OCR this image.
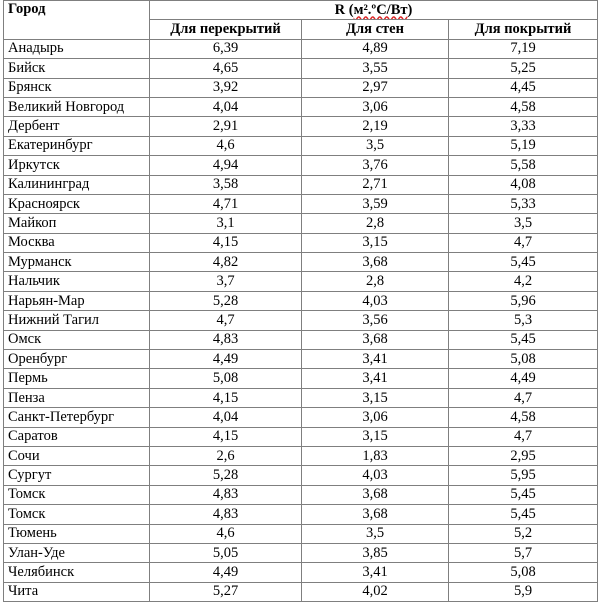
Город	R (м².ºС/Вт)		
	Для перекрытий	Для стен	Для покрытий
Анадырь	6,39	4,89	7,19
Бийск	4,65	3,55	5,25
Брянск	3,92	2,97	4,45
Великий Новгород	4,04	3,06	4,58
Дербент	2,91	2,19	3,33
Екатеринбург	4,6	3,5	5,19
Иркутск	4,94	3,76	5,58
Калининград	3,58	2,71	4,08
Красноярск	4,71	3,59	5,33
Майкоп	3,1	2,8	3,5
Москва	4,15	3,15	4,7
Мурманск	4,82	3,68	5,45
Нальчик	3,7	2,8	4,2
Нарьян-Мар	5,28	4,03	5,96
Нижний Тагил	4,7	3,56	5,3
Омск	4,83	3,68	5,45
Оренбург	4,49	3,41	5,08
Пермь	5,08	3,41	4,49
Пенза	4,15	3,15	4,7
Санкт-Петербург	4,04	3,06	4,58
Саратов	4,15	3,15	4,7
Сочи	2,6	1,83	2,95
Сургут	5,28	4,03	5,95
Томск	4,83	3,68	5,45
Томск	4,83	3,68	5,45
Тюмень	4,6	3,5	5,2
Улан-Уде	5,05	3,85	5,7
Челябинск	4,49	3,41	5,08
Чита	5,27	4,02	5,9
